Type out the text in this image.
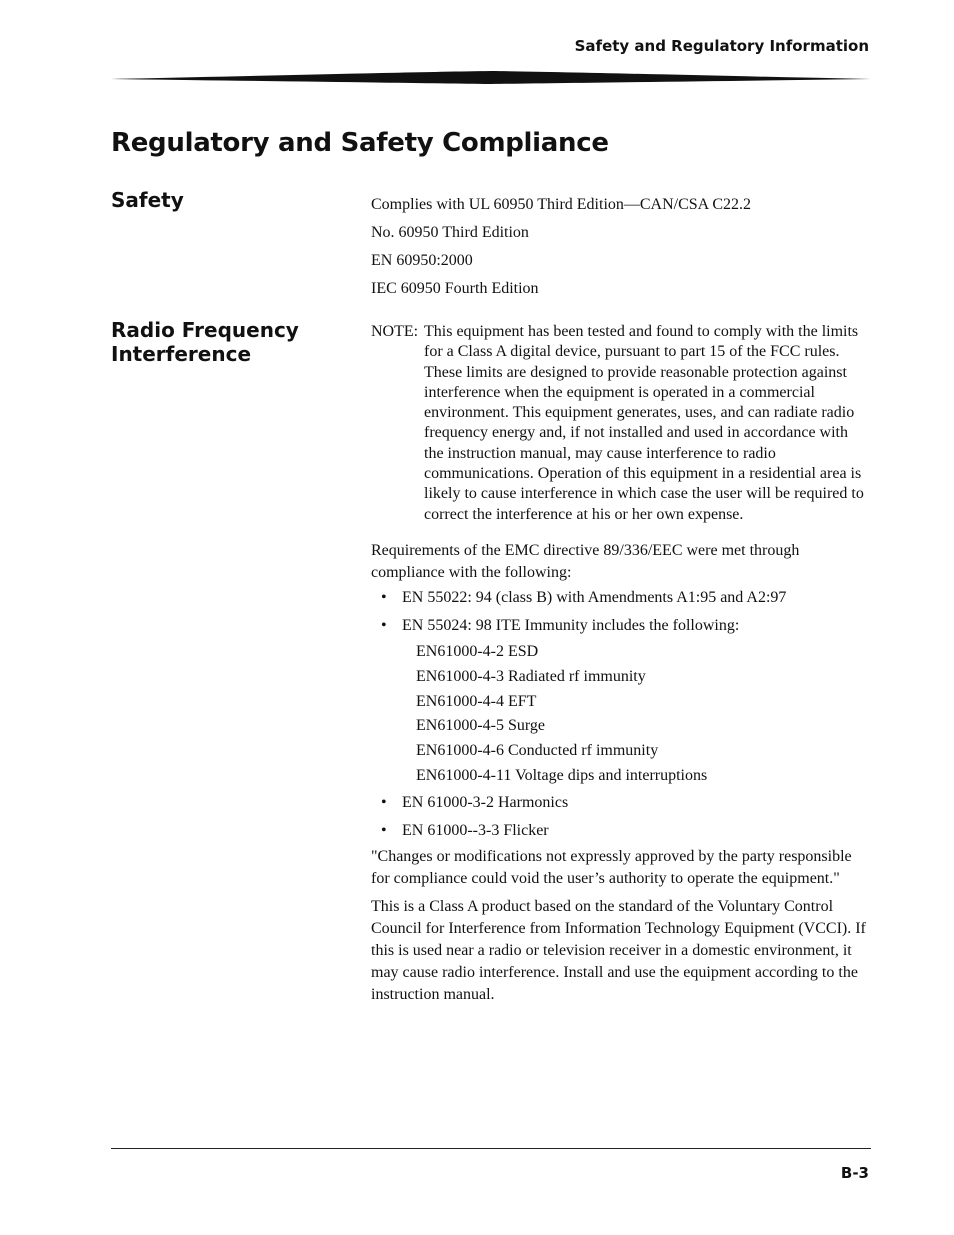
Safety and Regulatory Information
Regulatory and Safety Compliance
Safety	Complies with UL 60950 Third Edition—CAN/CSA C22.2
No. 60950 Third Edition
EN 60950:2000
IEC 60950 Fourth Edition
Radio Frequency Interference
NOTE: This equipment has been tested and found to comply with the limits for a Class A digital device, pursuant to part 15 of the FCC rules. These limits are designed to provide reasonable protection against interference when the equipment is operated in a commercial environment. This equipment generates, uses, and can radiate radio frequency energy and, if not installed and used in accordance with the instruction manual, may cause interference to radio communications. Operation of this equipment in a residential area is likely to cause interference in which case the user will be required to correct the interference at his or her own expense.

Requirements of the EMC directive 89/336/EEC were met through compliance with the following:

• EN 55022: 94 (class B) with Amendments A1:95 and A2:97
• EN 55024: 98 ITE Immunity includes the following:
EN61000-4-2 ESD
EN61000-4-3 Radiated rf immunity
EN61000-4-4 EFT
EN61000-4-5 Surge
EN61000-4-6 Conducted rf immunity
EN61000-4-11 Voltage dips and interruptions
• EN 61000-3-2 Harmonics
• EN 61000--3-3 Flicker

"Changes or modifications not expressly approved by the party responsible for compliance could void the user’s authority to operate the equipment."

This is a Class A product based on the standard of the Voluntary Control Council for Interference from Information Technology Equipment (VCCI). If this is used near a radio or television receiver in a domestic environment, it may cause radio interference. Install and use the equipment according to the instruction manual.

B-3
